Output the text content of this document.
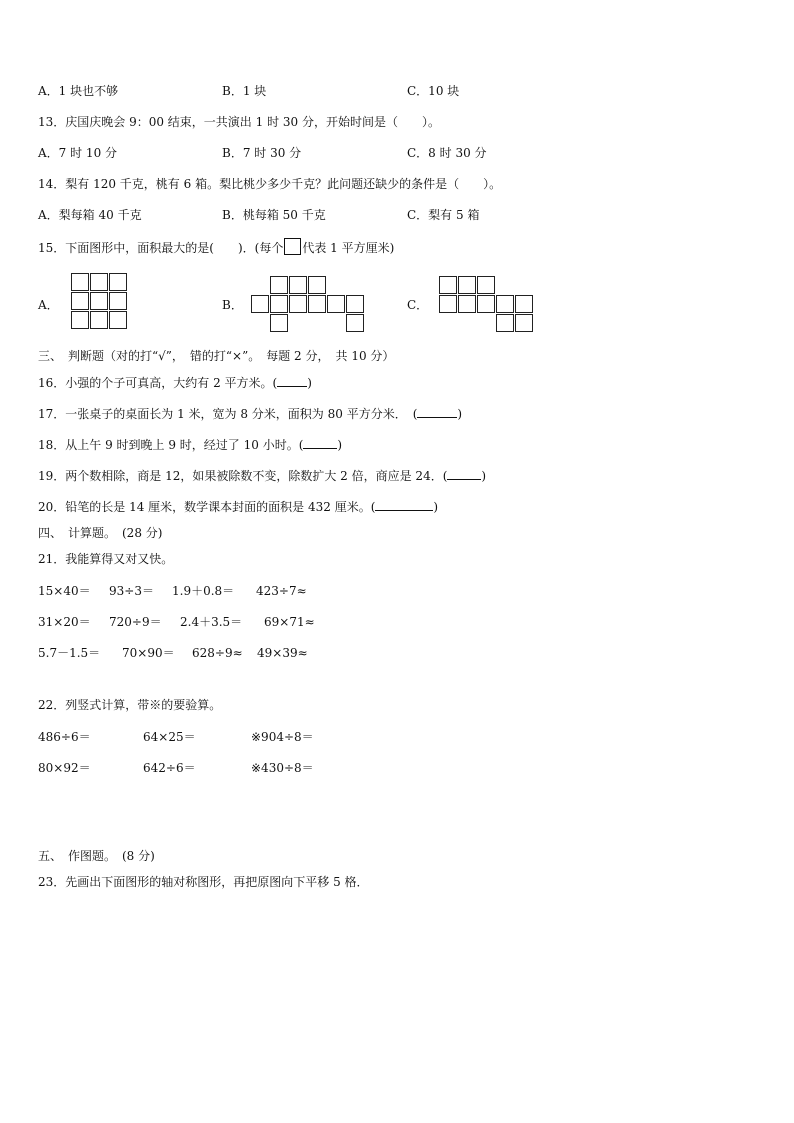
A．1 块也不够	B．1 块	C．10 块
13．庆国庆晚会 9：00 结束，一共演出 1 时 30 分，开始时间是（　　）。
A．7 时 10 分	B．7 时 30 分	C．8 时 30 分
14．梨有 120 千克，桃有 6 箱。梨比桃少多少千克？此问题还缺少的条件是（　　）。
A．梨每箱 40 千克	B．桃每箱 50 千克	C．梨有 5 箱
15．下面图形中，面积最大的是(　　)．(每个 代表 1 平方厘米)
A．	B．	C．
三、　判断题（对的打“√”，　错的打“×”。　每题 2 分，　共 10 分）
16．小强的个子可真高，大约有 2 平方米。(	)
17．一张桌子的桌面长为 1 米，宽为 8 分米，面积为 80 平方分米．　(	)
18．从上午 9 时到晚上 9 时，经过了 10 小时。(	)
19．两个数相除，商是 12，如果被除数不变，除数扩大 2 倍，商应是 24．(	)
20．铅笔的长是 14 厘米，数学课本封面的面积是 432 厘米。(	)
四、　计算题。　(28 分)
21．我能算得又对又快。
15×40＝ 93÷3＝ 1.9＋0.8＝ 423÷7≈
31×20＝ 720÷9＝ 2.4＋3.5＝ 69×71≈
5.7－1.5＝ 70×90＝ 628÷9≈ 49×39≈
22．列竖式计算，带※的要验算。
486÷6＝	64×25＝	※904÷8＝
80×92＝	642÷6＝	※430÷8＝
五、　作图题。　(8 分)
23．先画出下面图形的轴对称图形，再把原图向下平移 5 格．
